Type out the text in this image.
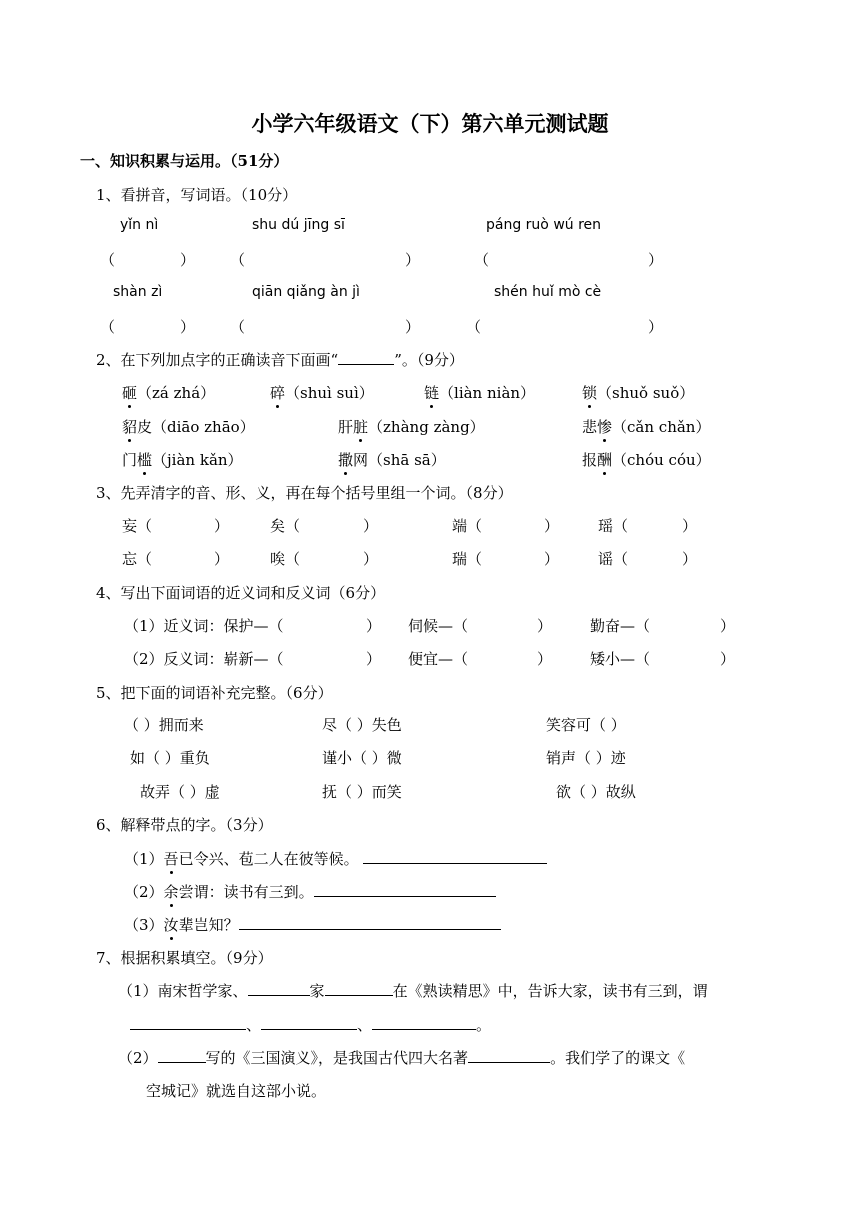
小学六年级语文（下）第六单元测试题
一、知识积累与运用。（51分）
1、看拼音，写词语。（10分）
yǐn nì	shu dú jīng sī	páng ruò wú ren
（	） （	）	（	）
shàn zì	qiān qiǎng àn jì	shén huǐ mò cè
（	） （	）	（	）
2、在下列加点字的正确读音下面画“	”。（9分）
砸（zá zhá）	碎（shuì suì）	链（liàn niàn）	锁（shuǒ suǒ）
貂皮（diāo zhāo）	肝脏（zhàng zàng）	悲惨（cǎn chǎn）
门槛（jiàn kǎn）	撒网（shā sā）	报酬（chóu cóu）
3、先弄清字的音、形、义，再在每个括号里组一个词。（8分）
妄（	）	矣（	）	端（	）	瑶（	）
忘（	）	唉（	）	瑞（	）	谣（	）
4、写出下面词语的近义词和反义词（6分）
（1）近义词：保护—（	） 伺候—（	）	勤奋—（	）
（2）反义词：崭新—（	） 便宜—（	）	矮小—（	）
5、把下面的词语补充完整。（6分）
（ ）拥而来	尽（ ）失色	笑容可（ ）
如（ ）重负	谨小（ ）微	销声（ ）迹
故弄（ ）虚	抚（ ）而笑	欲（ ）故纵
6、解释带点的字。（3分）
（1）吾已令兴、苞二人在彼等候。
（2）余尝谓：读书有三到。
（3）汝辈岂知？
7、根据积累填空。（9分）
（1）南宋哲学家、	家	在《熟读精思》中，告诉大家，读书有三到，谓
、	、	。
（2）	写的《三国演义》，是我国古代四大名著	。我们学了的课文《
空城记》就选自这部小说。
